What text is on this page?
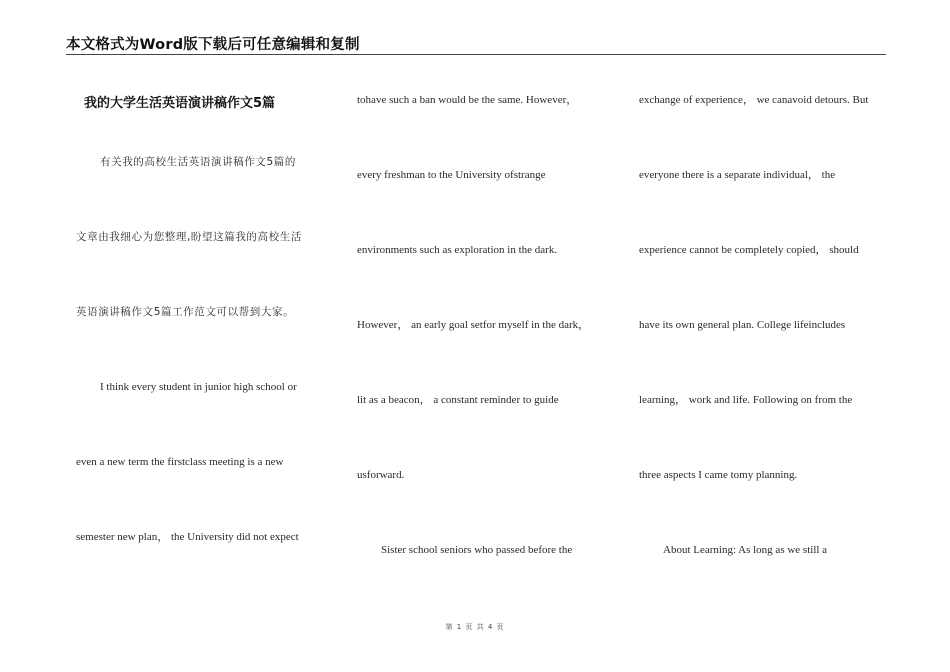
本文格式为Word版下载后可任意编辑和复制
我的大学生活英语演讲稿作文5篇
有关我的高校生活英语演讲稿作文5篇的
文章由我细心为您整理,盼望这篇我的高校生活
英语演讲稿作文5篇工作范文可以帮到大家。
I think every student in junior high school or
even a new term the firstclass meeting is a new
semester new plan， the University did not expect
tohave such a ban would be the same. However，
every freshman to the University ofstrange
environments such as exploration in the dark.
However， an early goal setfor myself in the dark，
lit as a beacon， a constant reminder to guide
usforward.
Sister school seniors who passed before the
exchange of experience， we canavoid detours. But
everyone there is a separate individual， the
experience cannot be completely copied， should
have its own general plan. College lifeincludes
learning， work and life. Following on from the
three aspects I came tomy planning.
About Learning: As long as we still a
第 1 页 共 4 页
